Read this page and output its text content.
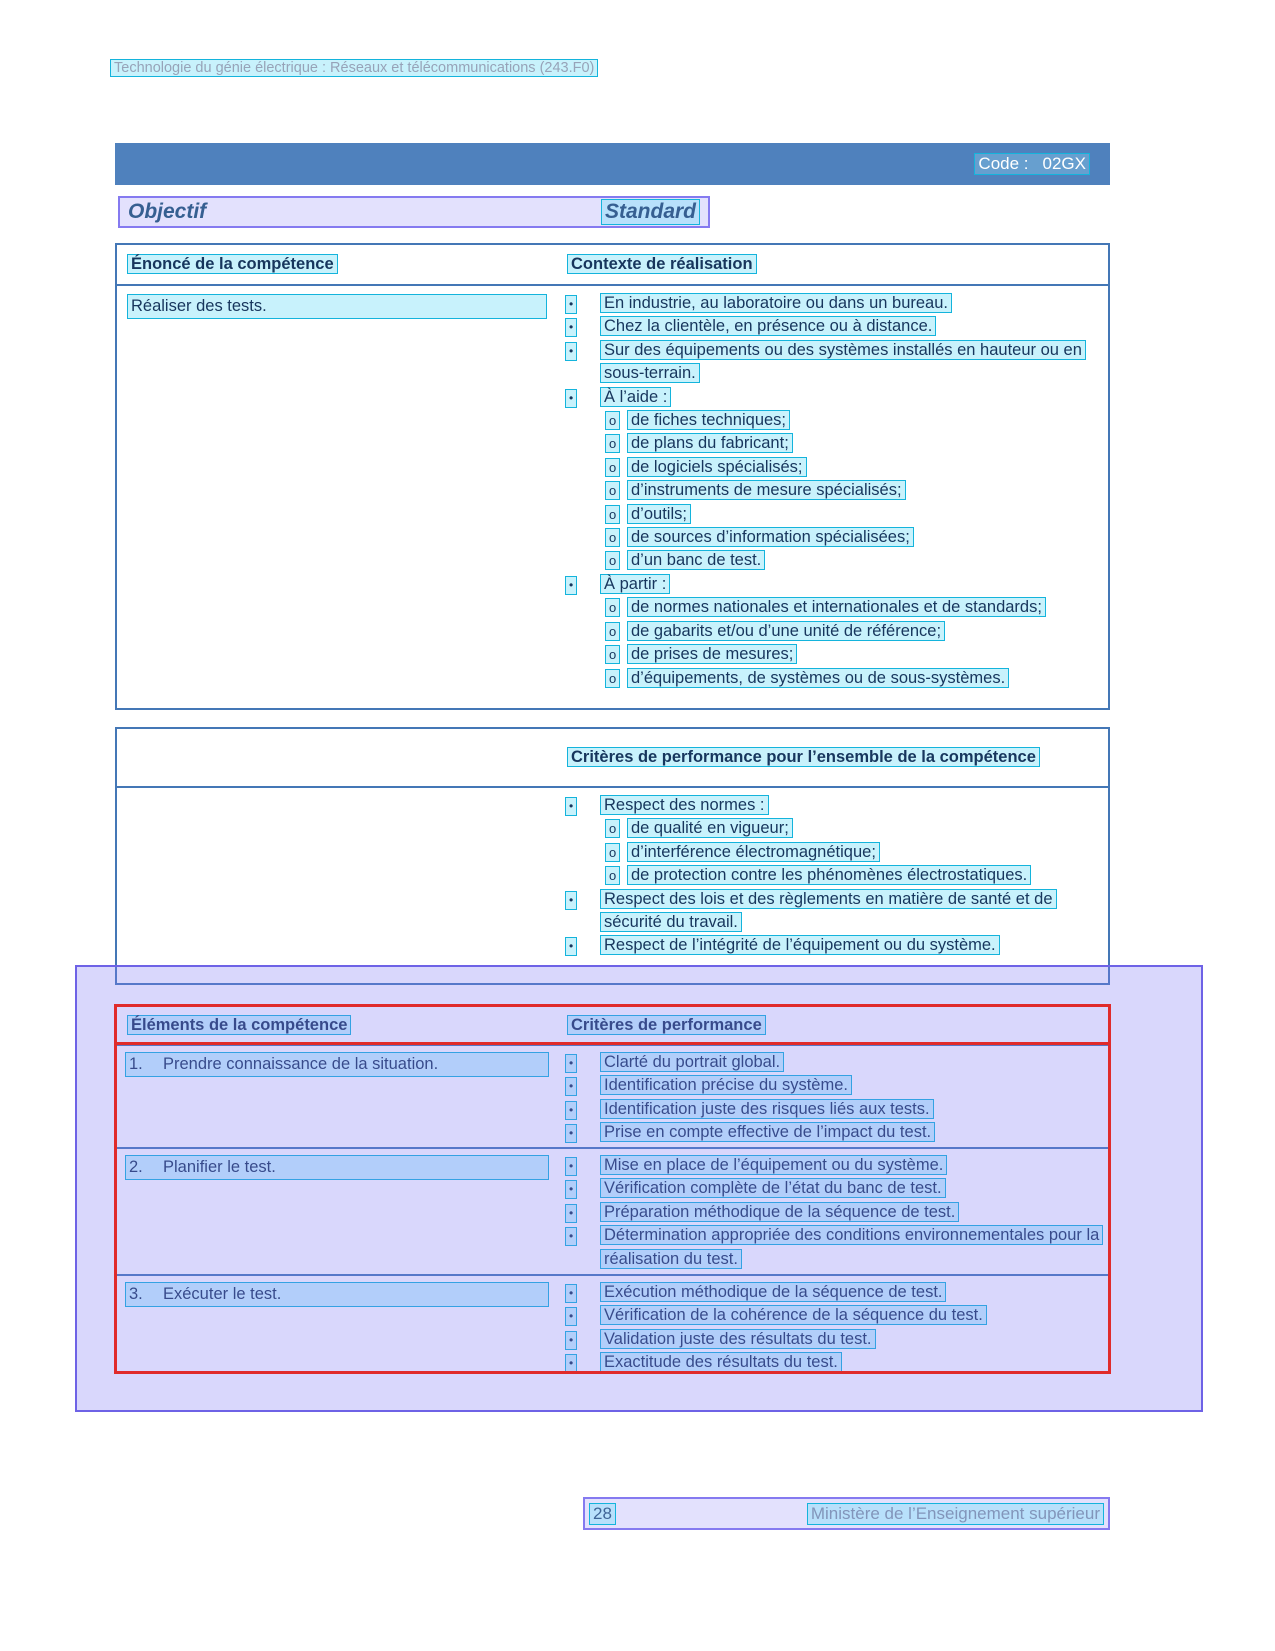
Technologie du génie électrique : Réseaux et télécommunications (243.F0)
Code : 02GX
Objectif	Standard
Énoncé de la compétence	Contexte de réalisation
Réaliser des tests.	•	En industrie, au laboratoire ou dans un bureau.
•	Chez la clientèle, en présence ou à distance.
•	Sur des équipements ou des systèmes installés en hauteur ou en sous-terrain.
•	À l’aide :
o de fiches techniques;
o de plans du fabricant;
o de logiciels spécialisés;
o d’instruments de mesure spécialisés;
o d’outils;
o de sources d’information spécialisées;
o d’un banc de test.
•	À partir :
o de normes nationales et internationales et de standards;
o de gabarits et/ou d’une unité de référence;
o de prises de mesures;
o d’équipements, de systèmes ou de sous-systèmes.
Critères de performance pour l’ensemble de la compétence
•	Respect des normes :
o de qualité en vigueur;
o d’interférence électromagnétique;
o de protection contre les phénomènes électrostatiques.
•	Respect des lois et des règlements en matière de santé et de sécurité du travail.
•	Respect de l’intégrité de l’équipement ou du système.
Éléments de la compétence	Critères de performance
1.	Prendre connaissance de la situation.	•	Clarté du portrait global.
•	Identification précise du système.
•	Identification juste des risques liés aux tests.
•	Prise en compte effective de l’impact du test.
2.	Planifier le test.	•	Mise en place de l’équipement ou du système.
•	Vérification complète de l’état du banc de test.
•	Préparation méthodique de la séquence de test.
•	Détermination appropriée des conditions environnementales pour la réalisation du test.
3.	Exécuter le test.	•	Exécution méthodique de la séquence de test.
•	Vérification de la cohérence de la séquence du test.
•	Validation juste des résultats du test.
•	Exactitude des résultats du test.
28	Ministère de l’Enseignement supérieur
